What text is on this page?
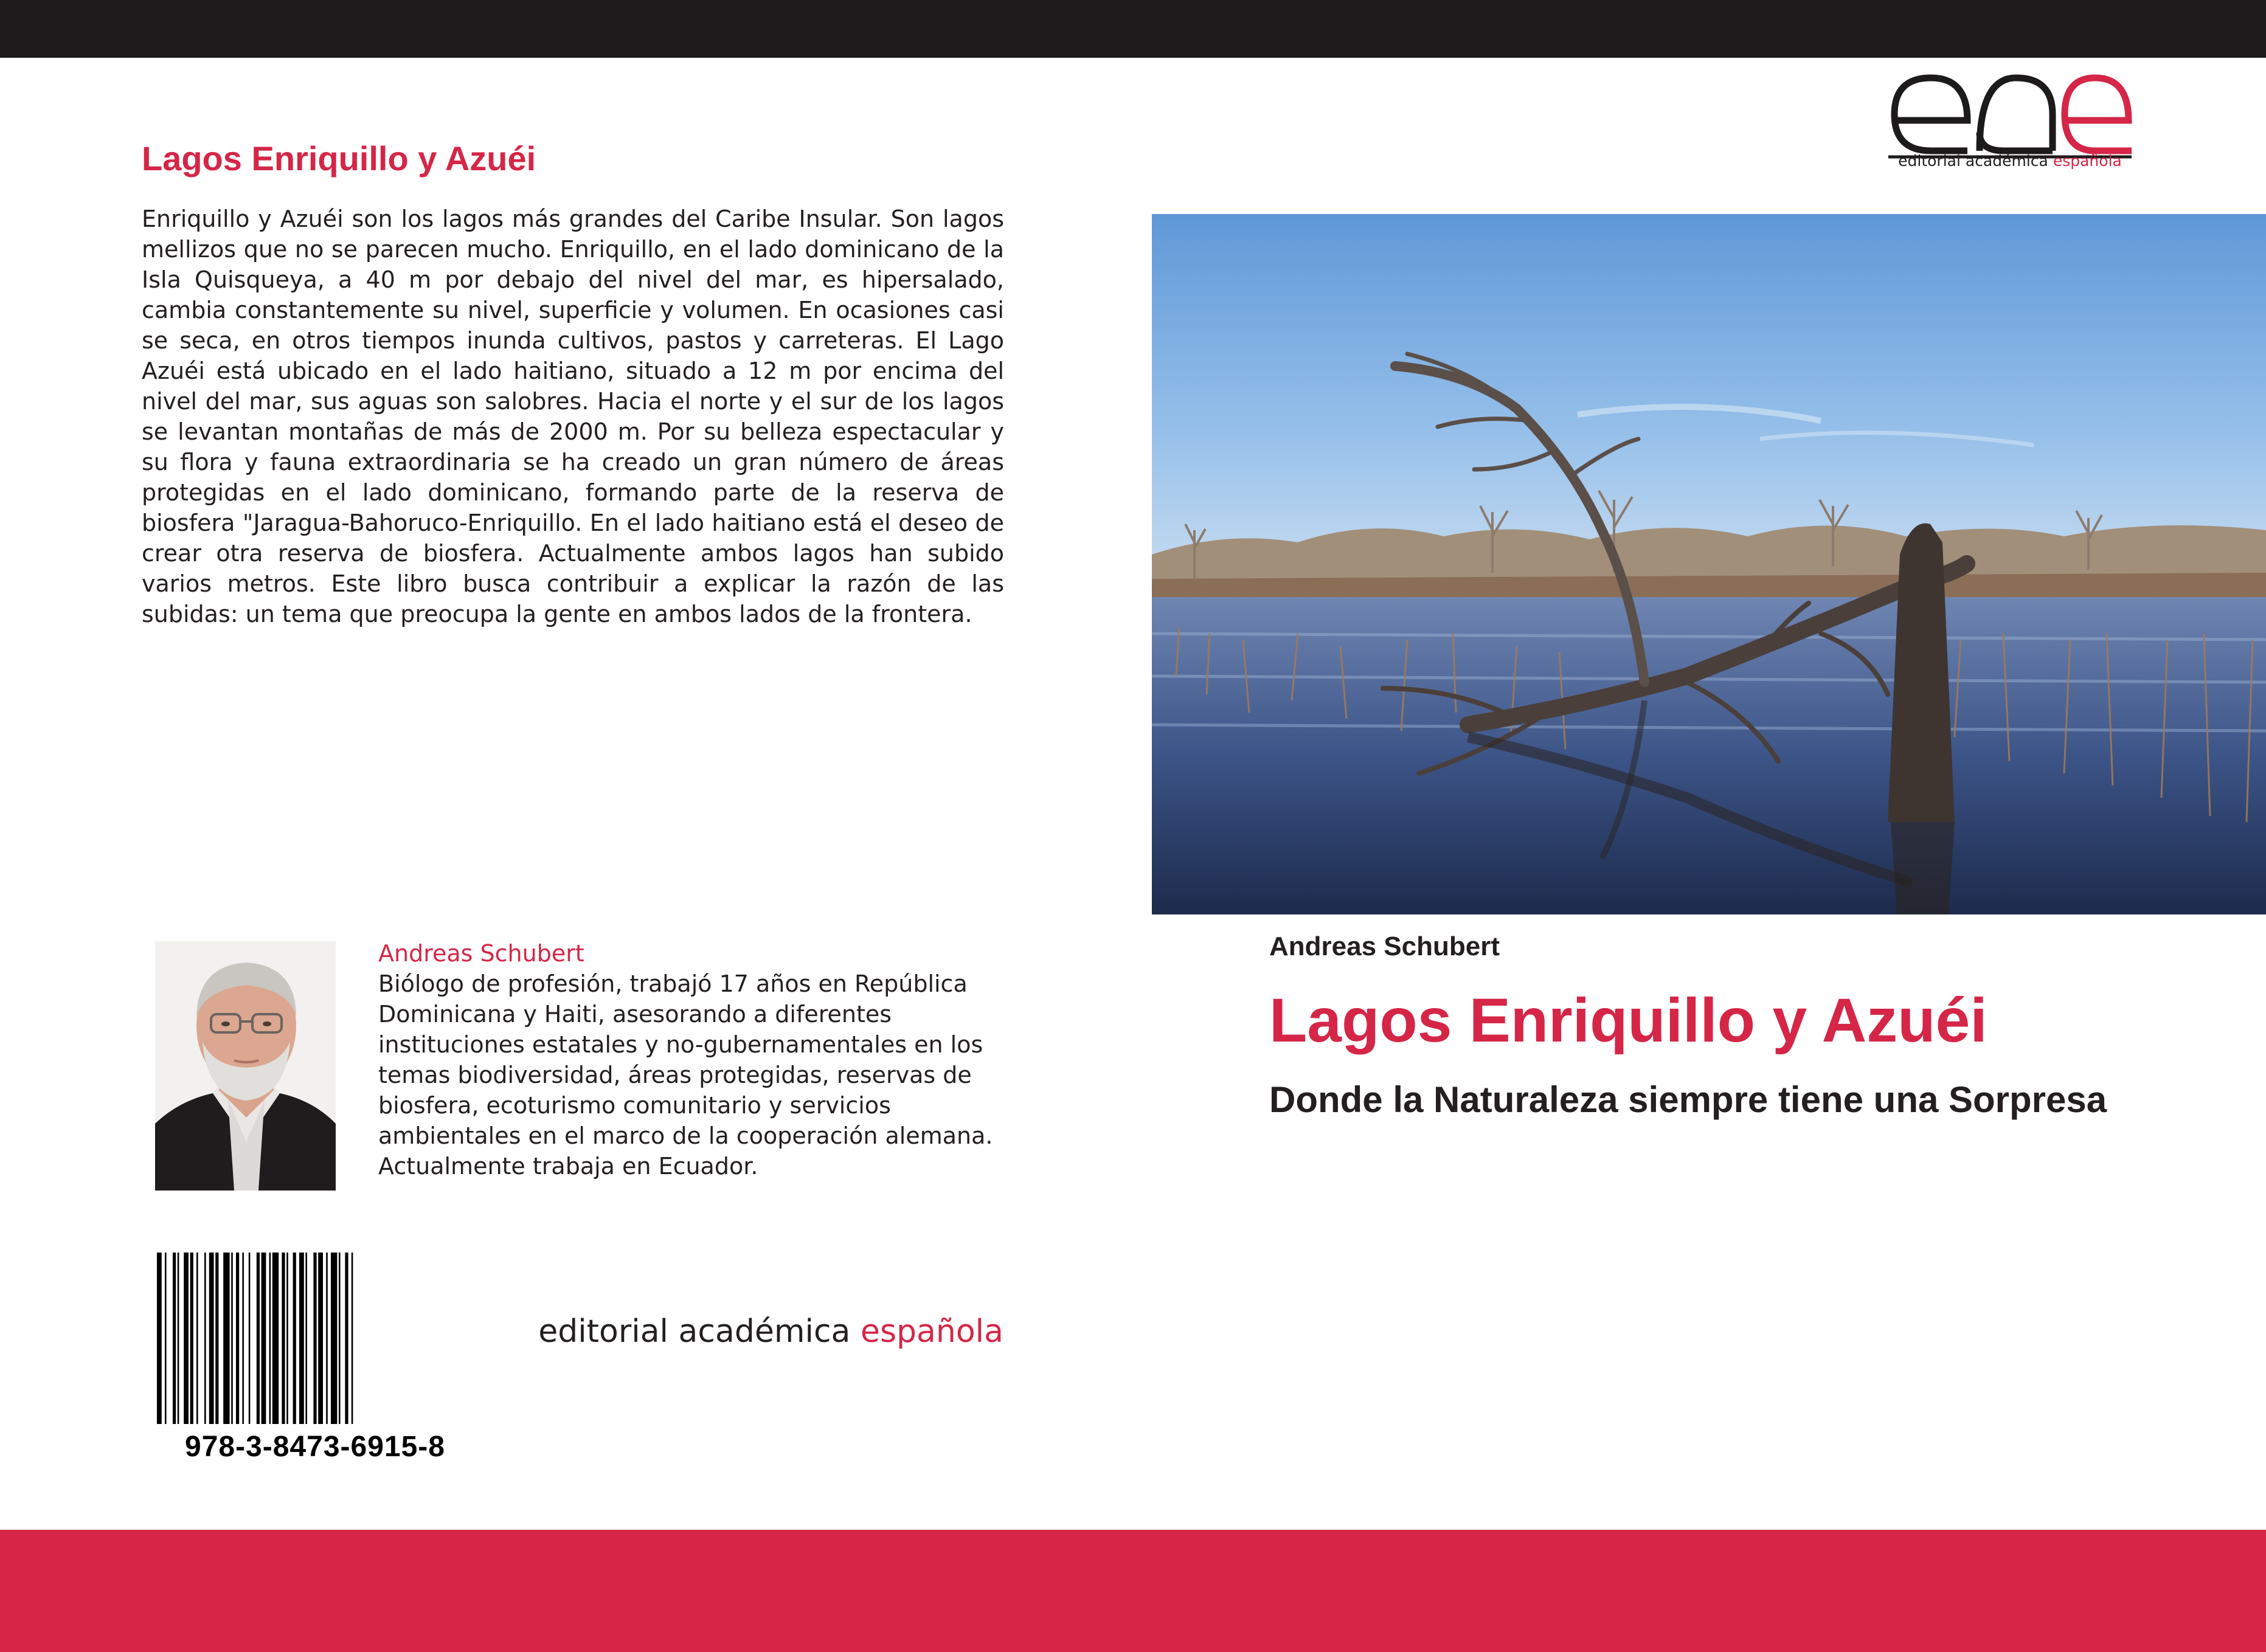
Lagos Enriquillo y Azuéi

Enriquillo y Azuéi son los lagos más grandes del Caribe Insular. Son lagos mellizos que no se parecen mucho. Enriquillo, en el lado dominicano de la Isla Quisqueya, a 40 m por debajo del nivel del mar, es hipersalado, cambia constantemente su nivel, superficie y volumen. En ocasiones casi se seca, en otros tiempos inunda cultivos, pastos y carreteras. El Lago Azuéi está ubicado en el lado haitiano, situado a 12 m por encima del nivel del mar, sus aguas son salobres. Hacia el norte y el sur de los lagos se levantan montañas de más de 2000 m. Por su belleza espectacular y su flora y fauna extraordinaria se ha creado un gran número de áreas protegidas en el lado dominicano, formando parte de la reserva de biosfera "Jaragua-Bahoruco-Enriquillo. En el lado haitiano está el deseo de crear otra reserva de biosfera. Actualmente ambos lagos han subido varios metros. Este libro busca contribuir a explicar la razón de las subidas: un tema que preocupa la gente en ambos lados de la frontera.

Andreas Schubert

Biólogo de profesión, trabajó 17 años en República Dominicana y Haiti, asesorando a diferentes instituciones estatales y no-gubernamentales en los temas biodiversidad, áreas protegidas, reservas de biosfera, ecoturismo comunitario y servicios ambientales en el marco de la cooperación alemana. Actualmente trabaja en Ecuador.

978-3-8473-6915-8

editorial académica española

editorial académica española

Andreas Schubert

Lagos Enriquillo y Azuéi

Donde la Naturaleza siempre tiene una Sorpresa
